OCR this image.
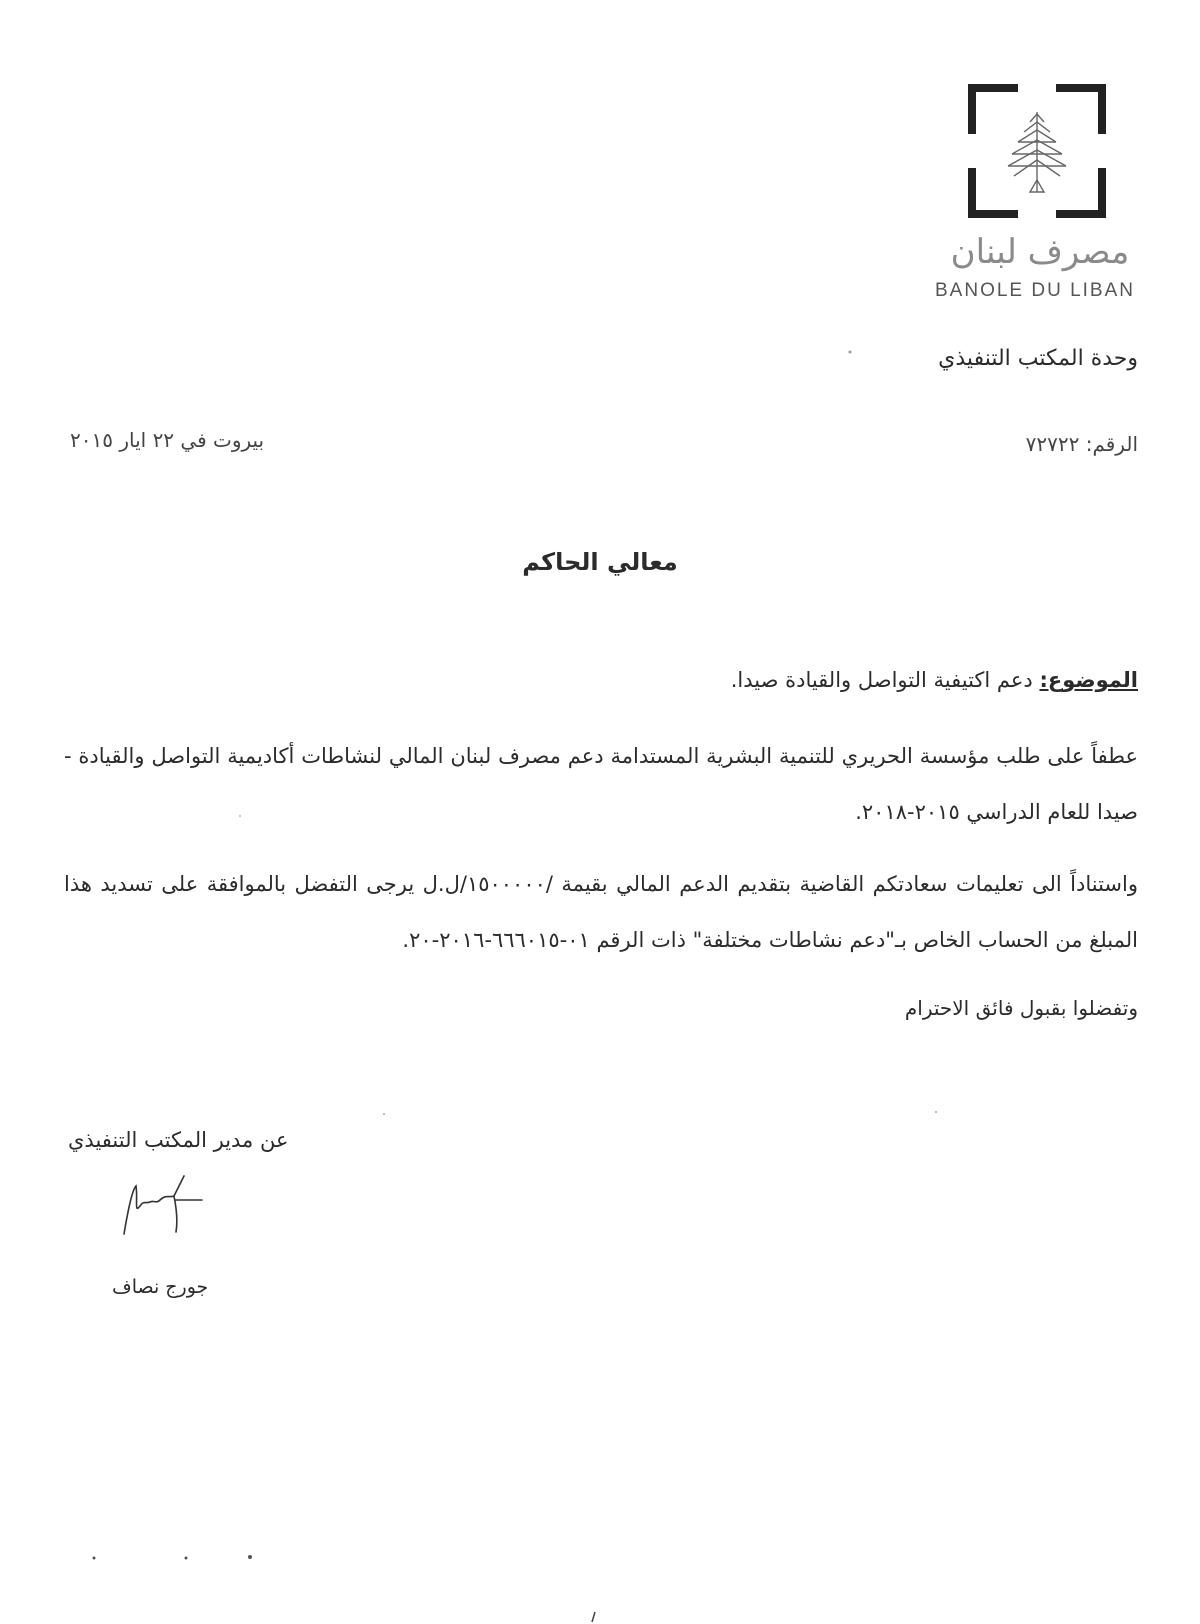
مصرف لبنان
BANOLE DU LIBAN
وحدة المكتب التنفيذي
الرقم: ٧٢٧٢٢
بيروت في ٢٢ ايار ٢٠١٥
معالي الحاكم
الموضوع: دعم اكتيفية التواصل والقيادة صيدا.
عطفاً على طلب مؤسسة الحريري للتنمية البشرية المستدامة دعم مصرف لبنان المالي لنشاطات أكاديمية التواصل والقيادة - صيدا للعام الدراسي ٢٠١٥-٢٠١٨.
واستناداً الى تعليمات سعادتكم القاضية بتقديم الدعم المالي بقيمة /١٥٠٠٠٠٠/ل.ل يرجى التفضل بالموافقة على تسديد هذا المبلغ من الحساب الخاص بـ"دعم نشاطات مختلفة" ذات الرقم ٠١-٦٦٦٠١٥-٢٠١٦-٢٠.
وتفضلوا بقبول فائق الاحترام
عن مدير المكتب التنفيذي
جورج نصاف
